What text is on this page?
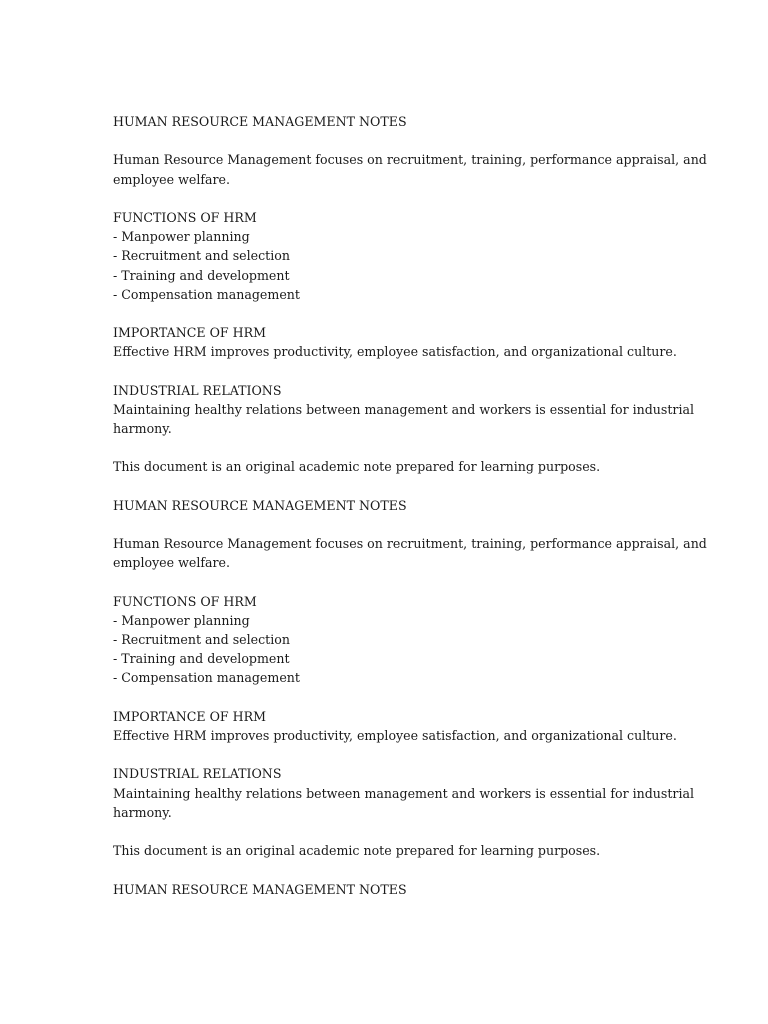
HUMAN RESOURCE MANAGEMENT NOTES
Human Resource Management focuses on recruitment, training, performance appraisal, and
employee welfare.
FUNCTIONS OF HRM
- Manpower planning
- Recruitment and selection
- Training and development
- Compensation management
IMPORTANCE OF HRM
Effective HRM improves productivity, employee satisfaction, and organizational culture.
INDUSTRIAL RELATIONS
Maintaining healthy relations between management and workers is essential for industrial
harmony.
This document is an original academic note prepared for learning purposes.
HUMAN RESOURCE MANAGEMENT NOTES
Human Resource Management focuses on recruitment, training, performance appraisal, and
employee welfare.
FUNCTIONS OF HRM
- Manpower planning
- Recruitment and selection
- Training and development
- Compensation management
IMPORTANCE OF HRM
Effective HRM improves productivity, employee satisfaction, and organizational culture.
INDUSTRIAL RELATIONS
Maintaining healthy relations between management and workers is essential for industrial
harmony.
This document is an original academic note prepared for learning purposes.
HUMAN RESOURCE MANAGEMENT NOTES
